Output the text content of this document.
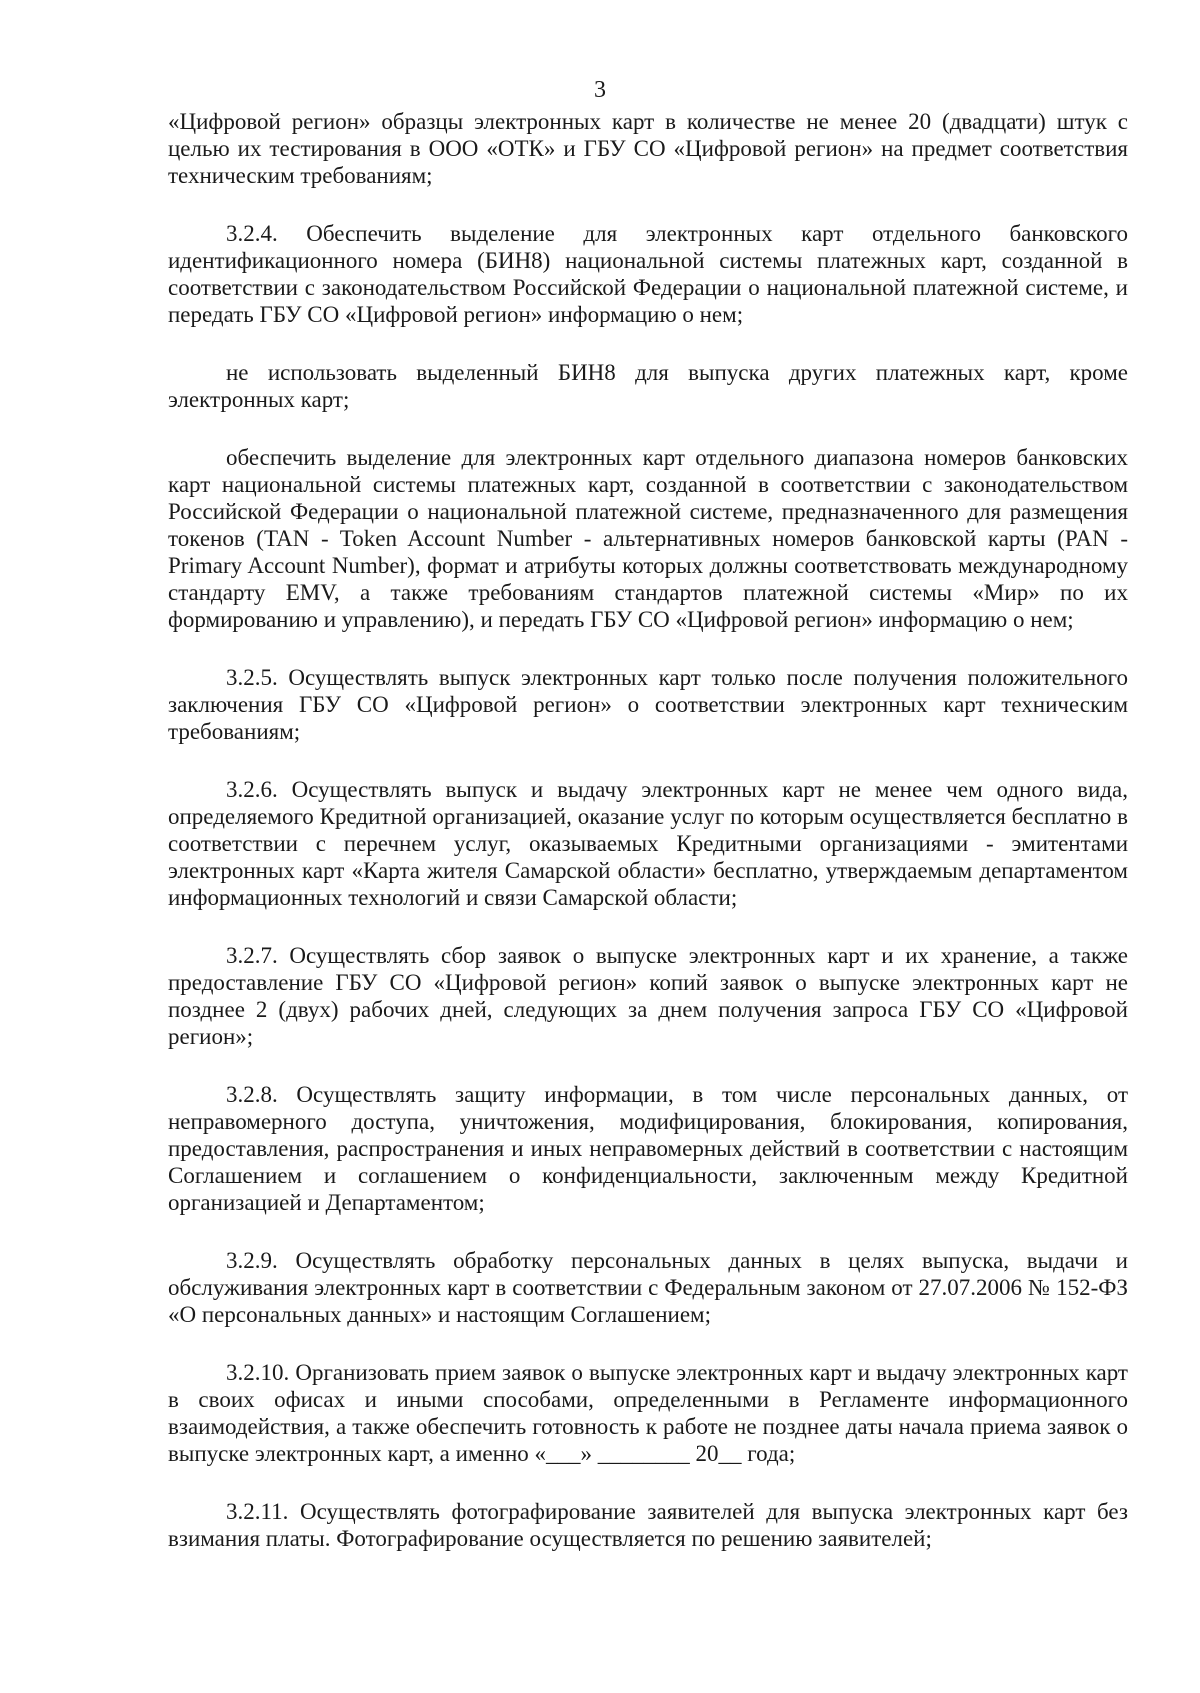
3

«Цифровой регион» образцы электронных карт в количестве не менее 20 (двадцати) штук с целью их тестирования в ООО «ОТК» и ГБУ СО «Цифровой регион» на предмет соответствия техническим требованиям;

3.2.4. Обеспечить выделение для электронных карт отдельного банковского идентификационного номера (БИН8) национальной системы платежных карт, созданной в соответствии с законодательством Российской Федерации о национальной платежной системе, и передать ГБУ СО «Цифровой регион» информацию о нем;

не использовать выделенный БИН8 для выпуска других платежных карт, кроме электронных карт;

обеспечить выделение для электронных карт отдельного диапазона номеров банковских карт национальной системы платежных карт, созданной в соответствии с законодательством Российской Федерации о национальной платежной системе, предназначенного для размещения токенов (TAN - Token Account Number - альтернативных номеров банковской карты (PAN - Primary Account Number), формат и атрибуты которых должны соответствовать международному стандарту EMV, а также требованиям стандартов платежной системы «Мир» по их формированию и управлению), и передать ГБУ СО «Цифровой регион» информацию о нем;

3.2.5. Осуществлять выпуск электронных карт только после получения положительного заключения ГБУ СО «Цифровой регион» о соответствии электронных карт техническим требованиям;

3.2.6. Осуществлять выпуск и выдачу электронных карт не менее чем одного вида, определяемого Кредитной организацией, оказание услуг по которым осуществляется бесплатно в соответствии с перечнем услуг, оказываемых Кредитными организациями - эмитентами электронных карт «Карта жителя Самарской области» бесплатно, утверждаемым департаментом информационных технологий и связи Самарской области;

3.2.7. Осуществлять сбор заявок о выпуске электронных карт и их хранение, а также предоставление ГБУ СО «Цифровой регион» копий заявок о выпуске электронных карт не позднее 2 (двух) рабочих дней, следующих за днем получения запроса ГБУ СО «Цифровой регион»;

3.2.8. Осуществлять защиту информации, в том числе персональных данных, от неправомерного доступа, уничтожения, модифицирования, блокирования, копирования, предоставления, распространения и иных неправомерных действий в соответствии с настоящим Соглашением и соглашением о конфиденциальности, заключенным между Кредитной организацией и Департаментом;

3.2.9. Осуществлять обработку персональных данных в целях выпуска, выдачи и обслуживания электронных карт в соответствии с Федеральным законом от 27.07.2006 № 152-ФЗ «О персональных данных» и настоящим Соглашением;

3.2.10. Организовать прием заявок о выпуске электронных карт и выдачу электронных карт в своих офисах и иными способами, определенными в Регламенте информационного взаимодействия, а также обеспечить готовность к работе не позднее даты начала приема заявок о выпуске электронных карт, а именно «___» ________ 20__ года;

3.2.11. Осуществлять фотографирование заявителей для выпуска электронных карт без взимания платы. Фотографирование осуществляется по решению заявителей;
